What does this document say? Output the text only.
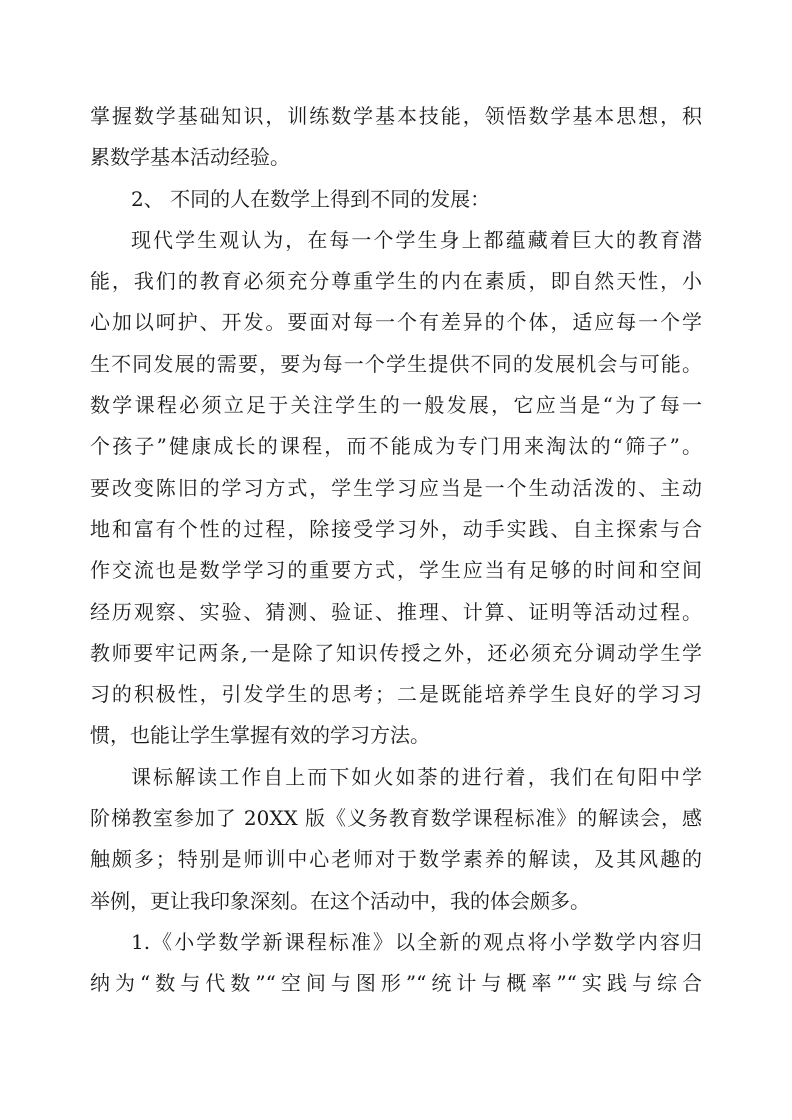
掌握数学基础知识，训练数学基本技能，领悟数学基本思想，积
累数学基本活动经验。
2、 不同的人在数学上得到不同的发展：
现代学生观认为，在每一个学生身上都蕴藏着巨大的教育潜
能，我们的教育必须充分尊重学生的内在素质，即自然天性，小
心加以呵护、开发。要面对每一个有差异的个体，适应每一个学
生不同发展的需要，要为每一个学生提供不同的发展机会与可能。
数学课程必须立足于关注学生的一般发展，它应当是“为了每一
个孩子”健康成长的课程，而不能成为专门用来淘汰的“筛子”。
要改变陈旧的学习方式，学生学习应当是一个生动活泼的、主动
地和富有个性的过程，除接受学习外，动手实践、自主探索与合
作交流也是数学学习的重要方式，学生应当有足够的时间和空间
经历观察、实验、猜测、验证、推理、计算、证明等活动过程。
教师要牢记两条,一是除了知识传授之外，还必须充分调动学生学
习的积极性，引发学生的思考；二是既能培养学生良好的学习习
惯，也能让学生掌握有效的学习方法。
课标解读工作自上而下如火如荼的进行着，我们在旬阳中学
阶梯教室参加了 20XX 版《义务教育数学课程标准》的解读会，感
触颇多；特别是师训中心老师对于数学素养的解读，及其风趣的
举例，更让我印象深刻。在这个活动中，我的体会颇多。
1.《小学数学新课程标准》以全新的观点将小学数学内容归
纳为“数与代数”“空间与图形”“统计与概率”“实践与综合
